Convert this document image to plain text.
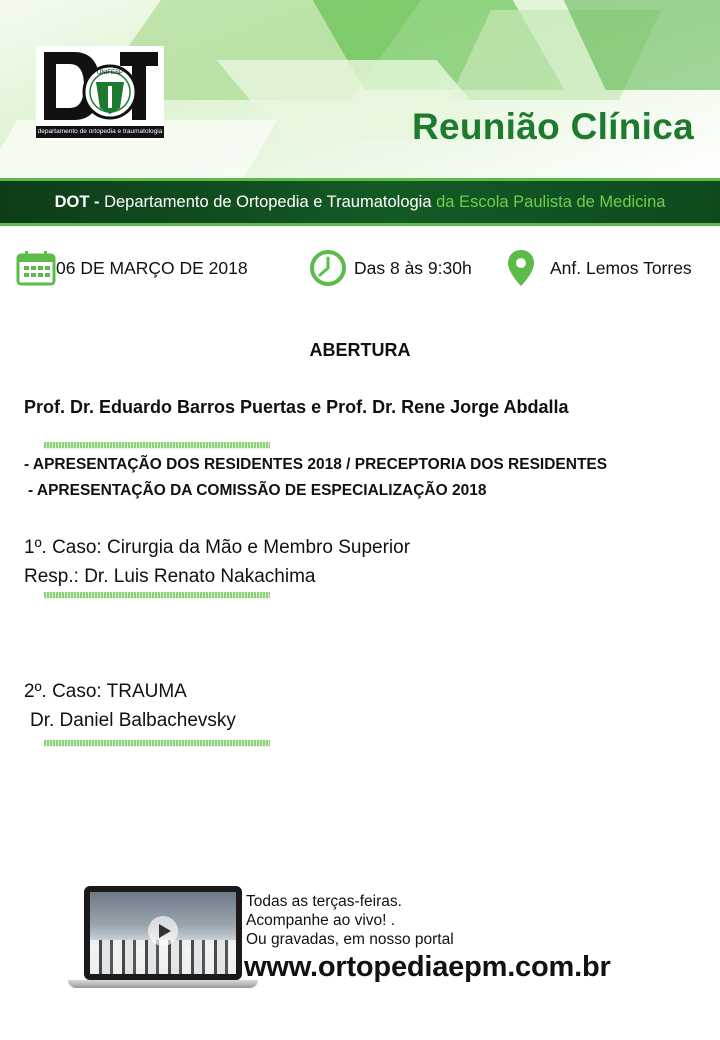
UNIFESP
departamento de ortopedia e traumatologia	Reunião Clínica
DOT -
Departamento de Ortopedia e Traumatologia
da Escola Paulista de Medicina
06 DE MARÇO DE 2018	Das 8 às 9:30h	Anf. Lemos Torres
ABERTURA
Prof. Dr. Eduardo Barros Puertas e Prof. Dr. Rene Jorge Abdalla
- APRESENTAÇÃO DOS RESIDENTES 2018 / PRECEPTORIA DOS RESIDENTES
- APRESENTAÇÃO DA COMISSÃO DE ESPECIALIZAÇÃO 2018
1º. Caso: Cirurgia da Mão e Membro Superior
Resp.: Dr. Luis Renato Nakachima
2º. Caso: TRAUMA
Dr. Daniel Balbachevsky
Todas as terças-feiras.
Acompanhe ao vivo! .
Ou gravadas, em nosso portal
www.ortopediaepm.com.br
